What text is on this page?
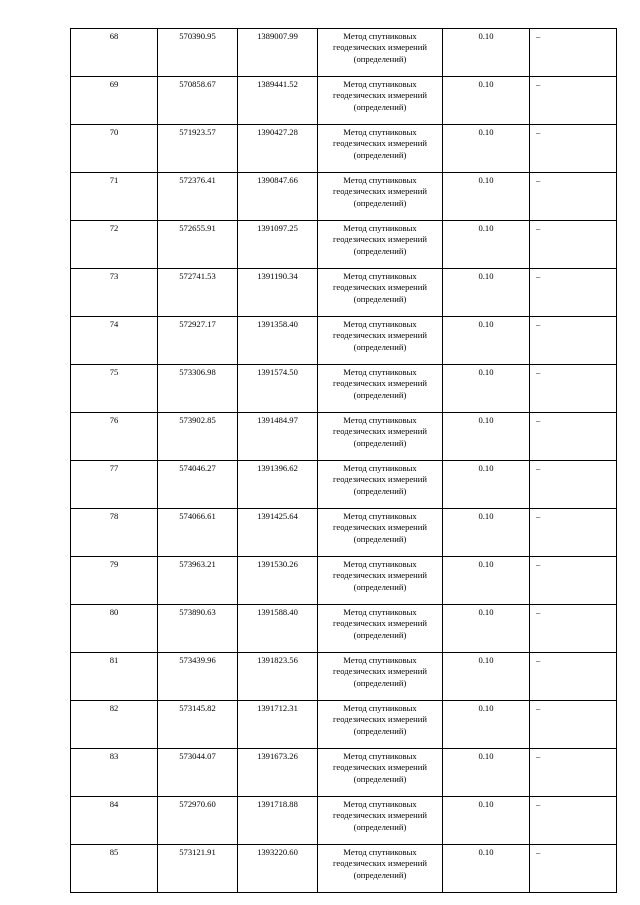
68	570390.95	1389007.99	Метод спутниковых геодезических измерений (определений)	0.10	–
69	570858.67	1389441.52	Метод спутниковых геодезических измерений (определений)	0.10	–
70	571923.57	1390427.28	Метод спутниковых геодезических измерений (определений)	0.10	–
71	572376.41	1390847.66	Метод спутниковых геодезических измерений (определений)	0.10	–
72	572655.91	1391097.25	Метод спутниковых геодезических измерений (определений)	0.10	–
73	572741.53	1391190.34	Метод спутниковых геодезических измерений (определений)	0.10	–
74	572927.17	1391358.40	Метод спутниковых геодезических измерений (определений)	0.10	–
75	573306.98	1391574.50	Метод спутниковых геодезических измерений (определений)	0.10	–
76	573902.85	1391484.97	Метод спутниковых геодезических измерений (определений)	0.10	–
77	574046.27	1391396.62	Метод спутниковых геодезических измерений (определений)	0.10	–
78	574066.61	1391425.64	Метод спутниковых геодезических измерений (определений)	0.10	–
79	573963.21	1391530.26	Метод спутниковых геодезических измерений (определений)	0.10	–
80	573890.63	1391588.40	Метод спутниковых геодезических измерений (определений)	0.10	–
81	573439.96	1391823.56	Метод спутниковых геодезических измерений (определений)	0.10	–
82	573145.82	1391712.31	Метод спутниковых геодезических измерений (определений)	0.10	–
83	573044.07	1391673.26	Метод спутниковых геодезических измерений (определений)	0.10	–
84	572970.60	1391718.88	Метод спутниковых геодезических измерений (определений)	0.10	–
85	573121.91	1393220.60	Метод спутниковых геодезических измерений (определений)	0.10	–
